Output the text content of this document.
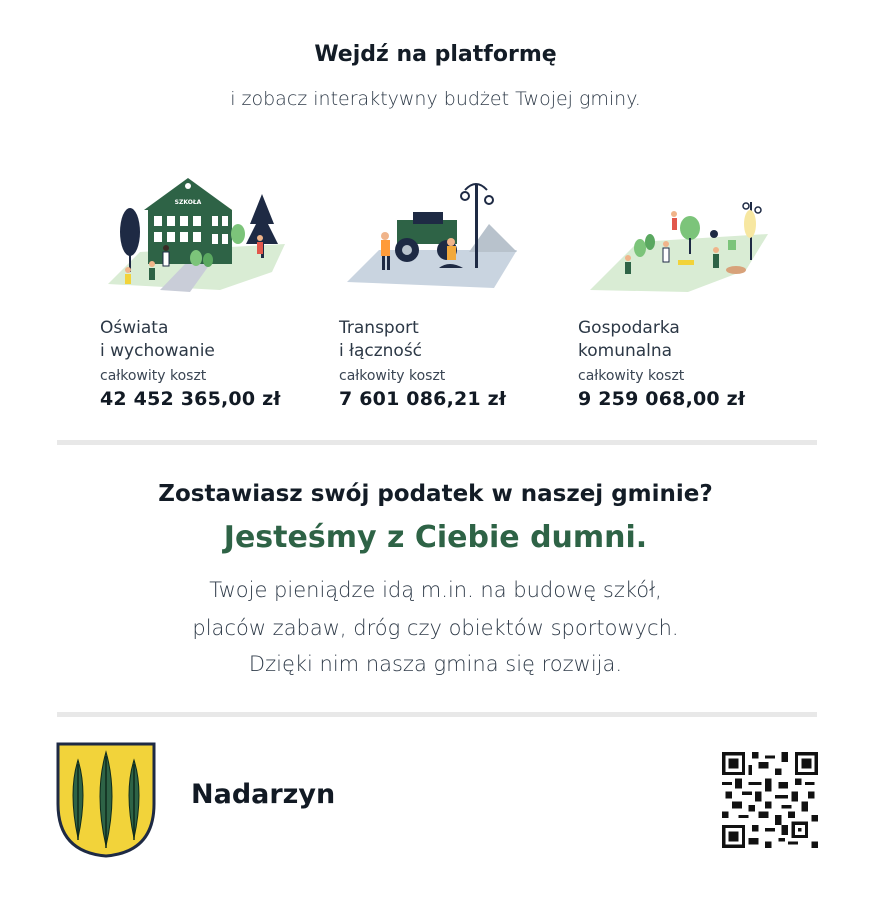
Wejdź na platformę
i zobacz interaktywny budżet Twojej gminy.
SZKOŁA
Oświata
i wychowanie
całkowity koszt
42 452 365,00 zł
Transport
i łączność
całkowity koszt
7 601 086,21 zł
Gospodarka
komunalna
całkowity koszt
9 259 068,00 zł
Zostawiasz swój podatek w naszej gminie?
Jesteśmy z Ciebie dumni.
Twoje pieniądze idą m.in. na budowę szkół,
placów zabaw, dróg czy obiektów sportowych.
Dzięki nim nasza gmina się rozwija.
Nadarzyn
